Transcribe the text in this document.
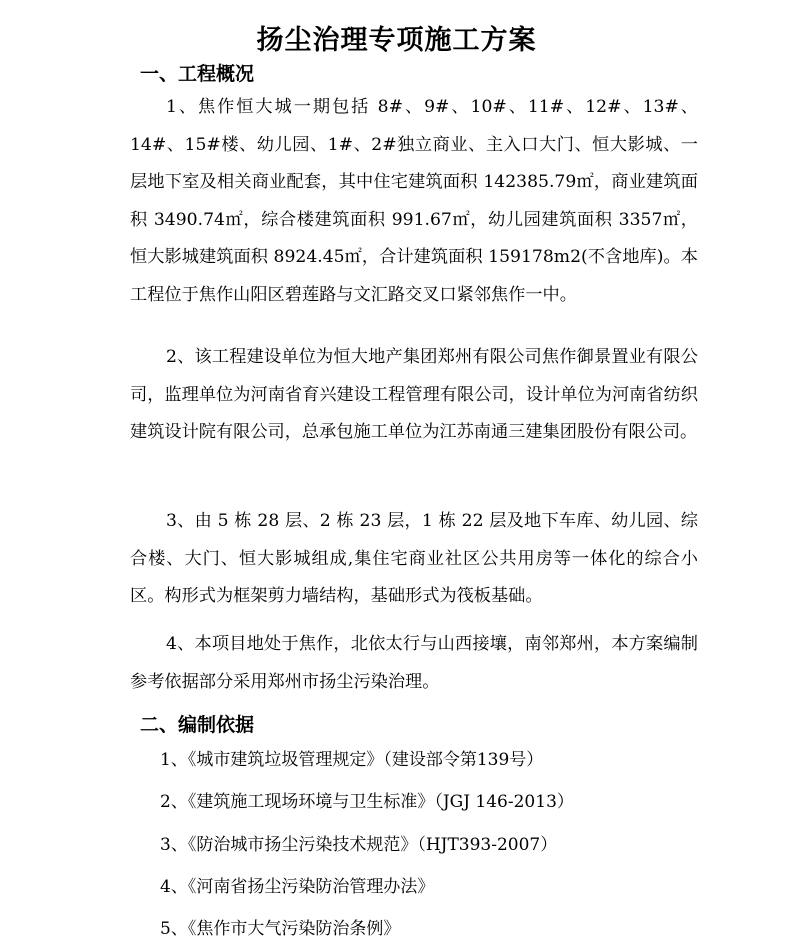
扬尘治理专项施工方案
一、工程概况

1、焦作恒大城一期包括 8#、9#、10#、11#、12#、13#、14#、15#楼、幼儿园、1#、2#独立商业、主入口大门、恒大影城、一层地下室及相关商业配套，其中住宅建筑面积 142385.79㎡，商业建筑面积 3490.74㎡，综合楼建筑面积 991.67㎡，幼儿园建筑面积 3357㎡，恒大影城建筑面积 8924.45㎡，合计建筑面积 159178m2(不含地库)。本工程位于焦作山阳区碧莲路与文汇路交叉口紧邻焦作一中。

2、该工程建设单位为恒大地产集团郑州有限公司焦作御景置业有限公司，监理单位为河南省育兴建设工程管理有限公司，设计单位为河南省纺织建筑设计院有限公司，总承包施工单位为江苏南通三建集团股份有限公司。

3、由 5 栋 28 层、2 栋 23 层，1 栋 22 层及地下车库、幼儿园、综合楼、大门、恒大影城组成,集住宅商业社区公共用房等一体化的综合小区。构形式为框架剪力墙结构，基础形式为筏板基础。

4、本项目地处于焦作，北依太行与山西接壤，南邻郑州，本方案编制参考依据部分采用郑州市扬尘污染治理。

二、编制依据
1、《城市建筑垃圾管理规定》（建设部令第139号）
2、《建筑施工现场环境与卫生标准》（JGJ 146-2013）
3、《防治城市扬尘污染技术规范》（HJT393-2007）
4、《河南省扬尘污染防治管理办法》
5、《焦作市大气污染防治条例》
